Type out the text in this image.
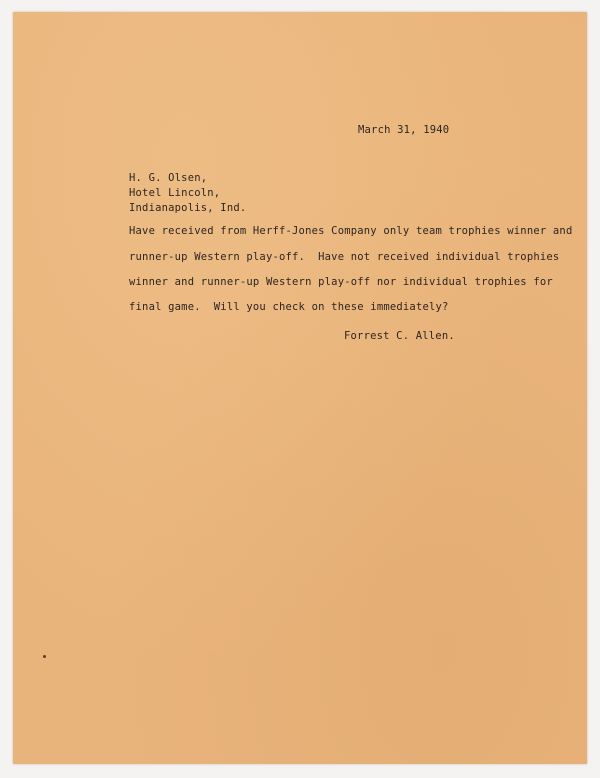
March 31, 1940
H. G. Olsen,
Hotel Lincoln,
Indianapolis, Ind.
Have received from Herff-Jones Company only team trophies winner and
runner-up Western play-off.  Have not received individual trophies
winner and runner-up Western play-off nor individual trophies for
final game.  Will you check on these immediately?
Forrest C. Allen.
